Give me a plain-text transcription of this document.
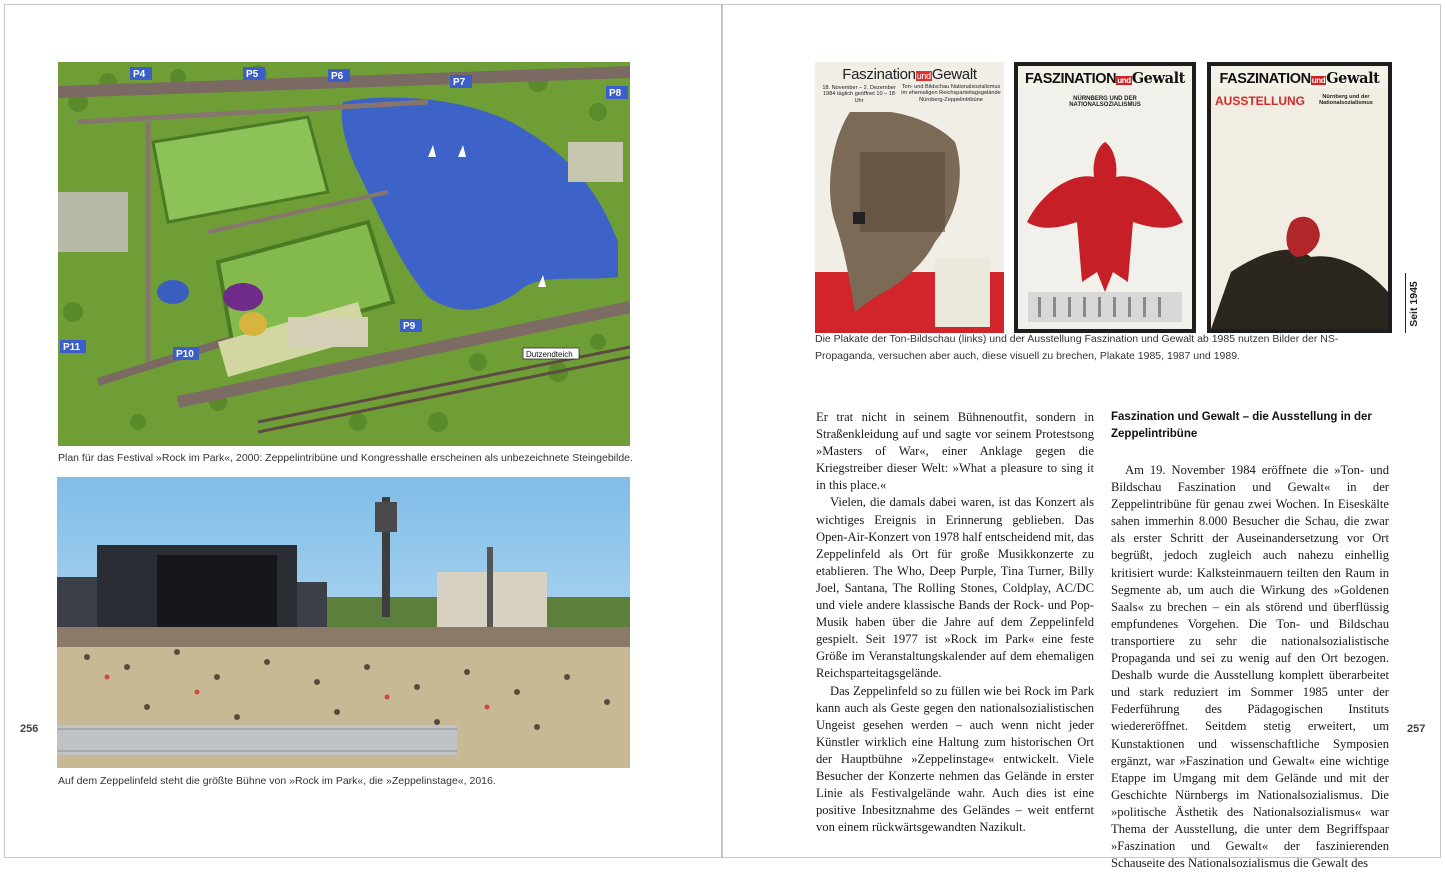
P4	P5	P6
P7
P8
P9
P10
P11
Dutzendteich
Plan für das Festival »Rock im Park«, 2000: Zeppelintribüne und Kongresshalle erscheinen als unbezeichnete Steingebilde.
Auf dem Zeppelinfeld steht die größte Bühne von »Rock im Park«, die »Zeppelinstage«, 2016.
256
FaszinationundGewalt
Ton- und Bildschau Nationalsozialismus im ehemaligen Reichsparteitagsgelände Nürnberg-Zeppelintribüne
18. November – 2. Dezember 1984 täglich geöffnet 10 – 18 Uhr
FASZINATIONundGewalt
NÜRNBERG UND DER NATIONALSOZIALISMUS
FASZINATIONundGewalt
AUSSTELLUNG	Nürnberg und der Nationalsozialismus
Die Plakate der Ton-Bildschau (links) und der Ausstellung Faszination und Gewalt ab 1985 nutzen Bilder der NS-Propaganda, versuchen aber auch, diese visuell zu brechen, Plakate 1985, 1987 und 1989.
Seit 1945

Er trat nicht in seinem Bühnenoutfit, sondern in Straßenkleidung auf und sagte vor seinem Protestsong »Masters of War«, einer Anklage gegen die Kriegstreiber dieser Welt: »What a pleasure to sing it in this place.«

Vielen, die damals dabei waren, ist das Konzert als wichtiges Ereignis in Erinnerung geblieben. Das Open-Air-Konzert von 1978 half entscheidend mit, das Zeppelinfeld als Ort für große Musikkonzerte zu etablieren. The Who, Deep Purple, Tina Turner, Billy Joel, Santana, The Rolling Stones, Coldplay, AC/DC und viele andere klassische Bands der Rock- und Pop-Musik haben über die Jahre auf dem Zeppelinfeld gespielt. Seit 1977 ist »Rock im Park« eine feste Größe im Veranstaltungskalender auf dem ehemaligen Reichsparteitagsgelände.

Das Zeppelinfeld so zu füllen wie bei Rock im Park kann auch als Geste gegen den nationalsozialistischen Ungeist gesehen werden – auch wenn nicht jeder Künstler wirklich eine Haltung zum historischen Ort der Hauptbühne »Zeppelinstage« entwickelt. Viele Besucher der Konzerte nehmen das Gelände in erster Linie als Festivalgelände wahr. Auch dies ist eine positive Inbesitznahme des Geländes – weit entfernt von einem rückwärtsgewandten Nazikult.

Faszination und Gewalt – die Ausstellung in der Zeppelintribüne

Am 19. November 1984 eröffnete die »Ton- und Bildschau Faszination und Gewalt« in der Zeppelintribüne für genau zwei Wochen. In Eiseskälte sahen immerhin 8.000 Besucher die Schau, die zwar als erster Schritt der Auseinandersetzung vor Ort begrüßt, jedoch zugleich auch nahezu einhellig kritisiert wurde: Kalksteinmauern teilten den Raum in Segmente ab, um auch die Wirkung des »Goldenen Saals« zu brechen – ein als störend und überflüssig empfundenes Vorgehen. Die Ton- und Bildschau transportiere zu sehr die nationalsozialistische Propaganda und sei zu wenig auf den Ort bezogen. Deshalb wurde die Ausstellung komplett überarbeitet und stark reduziert im Sommer 1985 unter der Federführung des Pädagogischen Instituts wiedereröffnet. Seitdem stetig erweitert, um Kunstaktionen und wissenschaftliche Symposien ergänzt, war »Faszination und Gewalt« eine wichtige Etappe im Umgang mit dem Gelände und mit der Geschichte Nürnbergs im Nationalsozialismus. Die »politische Ästhetik des Nationalsozialismus« war Thema der Ausstellung, die unter dem Begriffspaar »Faszination und Gewalt« der faszinierenden Schauseite des Nationalsozialismus die Gewalt des

257
